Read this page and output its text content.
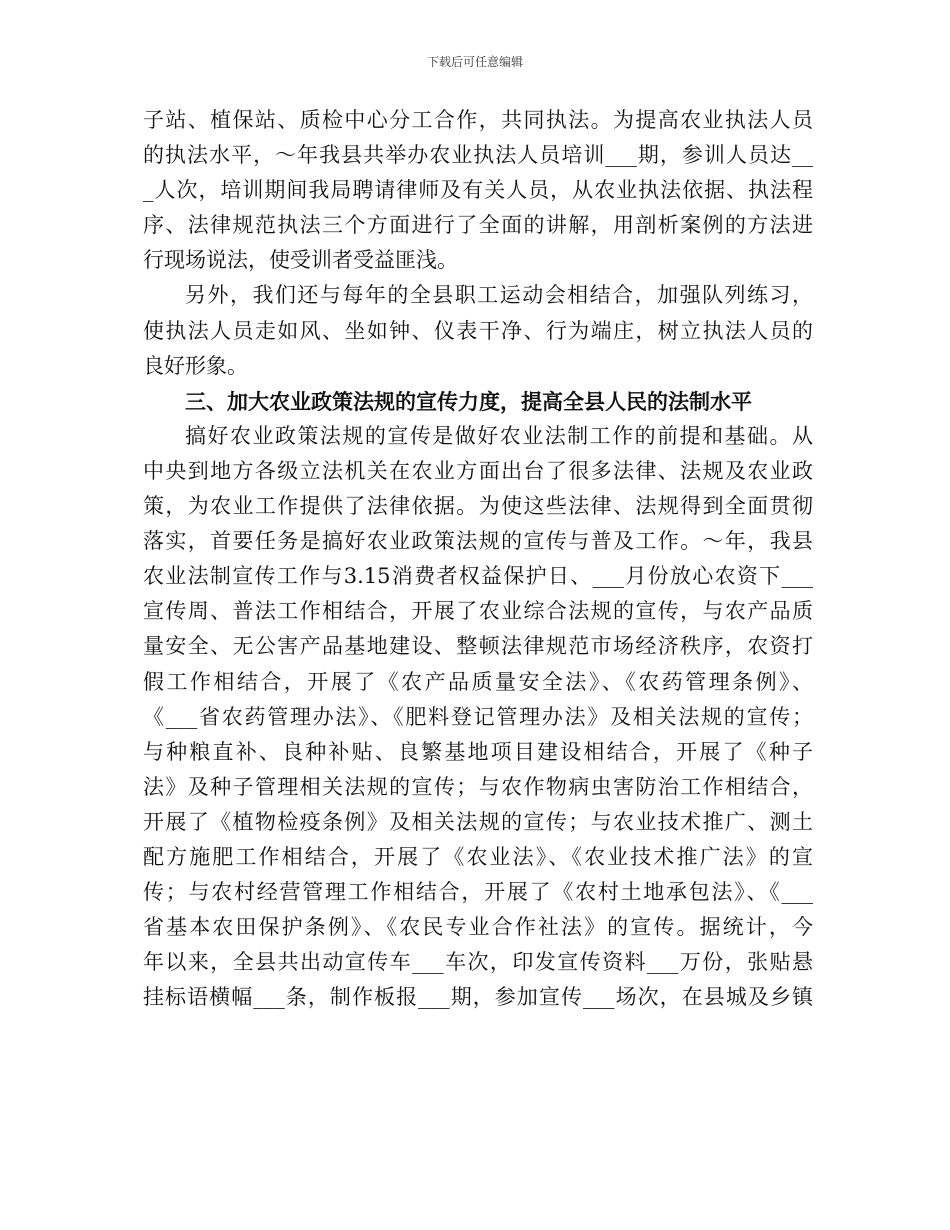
下载后可任意编辑
子站、植保站、质检中心分工合作，共同执法。为提高农业执法人员
的执法水平，～年我县共举办农业执法人员培训___期，参训人员达__
_人次，培训期间我局聘请律师及有关人员，从农业执法依据、执法程
序、法律规范执法三个方面进行了全面的讲解，用剖析案例的方法进
行现场说法，使受训者受益匪浅。
另外，我们还与每年的全县职工运动会相结合，加强队列练习，
使执法人员走如风、坐如钟、仪表干净、行为端庄，树立执法人员的
良好形象。
三、加大农业政策法规的宣传力度，提高全县人民的法制水平
搞好农业政策法规的宣传是做好农业法制工作的前提和基础。从
中央到地方各级立法机关在农业方面出台了很多法律、法规及农业政
策，为农业工作提供了法律依据。为使这些法律、法规得到全面贯彻
落实，首要任务是搞好农业政策法规的宣传与普及工作。～年，我县
农业法制宣传工作与3.15消费者权益保护日、___月份放心农资下___
宣传周、普法工作相结合，开展了农业综合法规的宣传，与农产品质
量安全、无公害产品基地建设、整顿法律规范市场经济秩序，农资打
假工作相结合，开展了《农产品质量安全法》、《农药管理条例》、
《___省农药管理办法》、《肥料登记管理办法》及相关法规的宣传；
与种粮直补、良种补贴、良繁基地项目建设相结合，开展了《种子
法》及种子管理相关法规的宣传；与农作物病虫害防治工作相结合，
开展了《植物检疫条例》及相关法规的宣传；与农业技术推广、测土
配方施肥工作相结合，开展了《农业法》、《农业技术推广法》的宣
传；与农村经营管理工作相结合，开展了《农村土地承包法》、《___
省基本农田保护条例》、《农民专业合作社法》的宣传。据统计，今
年以来，全县共出动宣传车___车次，印发宣传资料___万份，张贴悬
挂标语横幅___条，制作板报___期，参加宣传___场次，在县城及乡镇
